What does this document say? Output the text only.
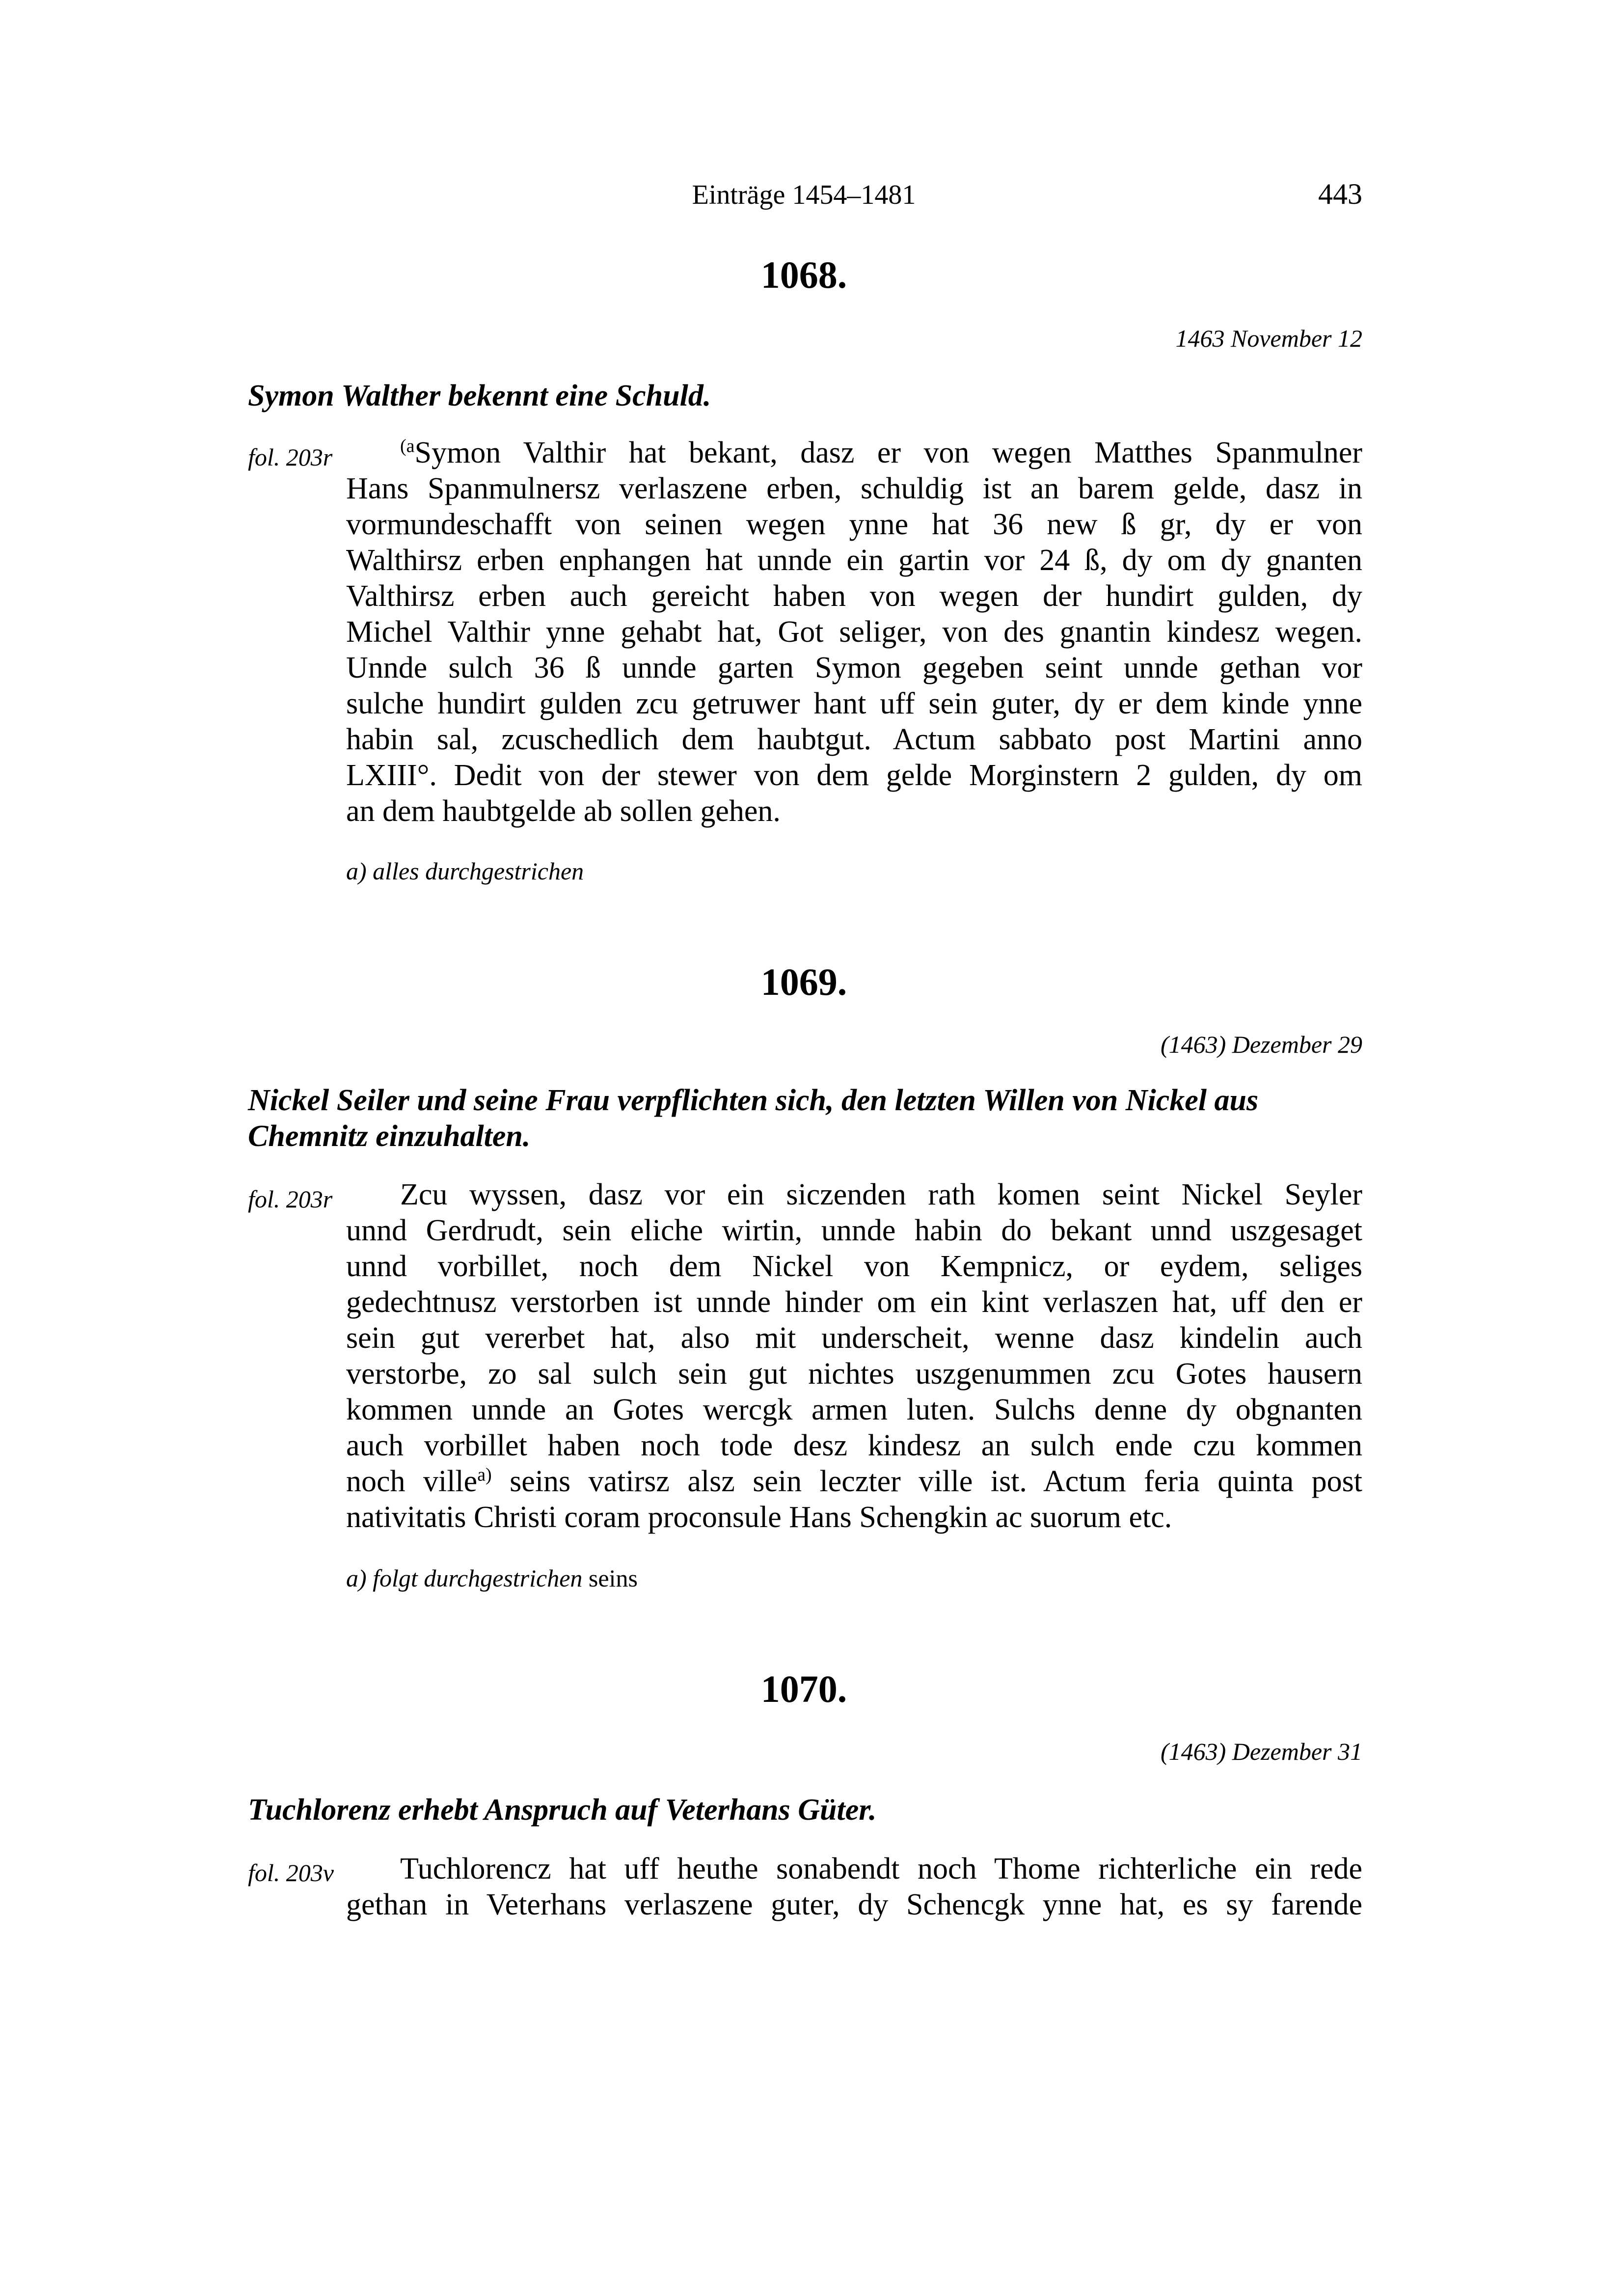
Einträge 1454–1481	443
1068.
1463 November 12
Symon Walther bekennt eine Schuld.
fol. 203r	$^{(a}$Symon Valthir hat bekant, dasz er von wegen Matthes Spanmulner
Hans Spanmulnersz verlaszene erben, schuldig ist an barem gelde, dasz in
vormundeschafft von seinen wegen ynne hat 36 new ß gr, dy er von
Walthirsz erben enphangen hat unnde ein gartin vor 24 ß, dy om dy gnanten
Valthirsz erben auch gereicht haben von wegen der hundirt gulden, dy
Michel Valthir ynne gehabt hat, Got seliger, von des gnantin kindesz wegen.
Unnde sulch 36 ß unnde garten Symon gegeben seint unnde gethan vor
sulche hundirt gulden zcu getruwer hant uff sein guter, dy er dem kinde ynne
habin sal, zcuschedlich dem haubtgut. Actum sabbato post Martini anno
LXIII°. Dedit von der stewer von dem gelde Morginstern 2 gulden, dy om
an dem haubtgelde ab sollen gehen.
a) alles durchgestrichen
1069.
(1463) Dezember 29
Nickel Seiler und seine Frau verpflichten sich, den letzten Willen von Nickel aus
Chemnitz einzuhalten.
fol. 203r	Zcu wyssen, dasz vor ein siczenden rath komen seint Nickel Seyler
unnd Gerdrudt, sein eliche wirtin, unnde habin do bekant unnd uszgesaget
unnd vorbillet, noch dem Nickel von Kempnicz, or eydem, seliges
gedechtnusz verstorben ist unnde hinder om ein kint verlaszen hat, uff den er
sein gut vererbet hat, also mit underscheit, wenne dasz kindelin auch
verstorbe, zo sal sulch sein gut nichtes uszgenummen zcu Gotes hausern
kommen unnde an Gotes wercgk armen luten. Sulchs denne dy obgnanten
auch vorbillet haben noch tode desz kindesz an sulch ende czu kommen
noch ville$^{a)}$ seins vatirsz alsz sein leczter ville ist. Actum feria quinta post
nativitatis Christi coram proconsule Hans Schengkin ac suorum etc.
a) folgt durchgestrichen seins
1070.
(1463) Dezember 31
Tuchlorenz erhebt Anspruch auf Veterhans Güter.
fol. 203v	Tuchlorencz hat uff heuthe sonabendt noch Thome richterliche ein rede
gethan in Veterhans verlaszene guter, dy Schencgk ynne hat, es sy farende
